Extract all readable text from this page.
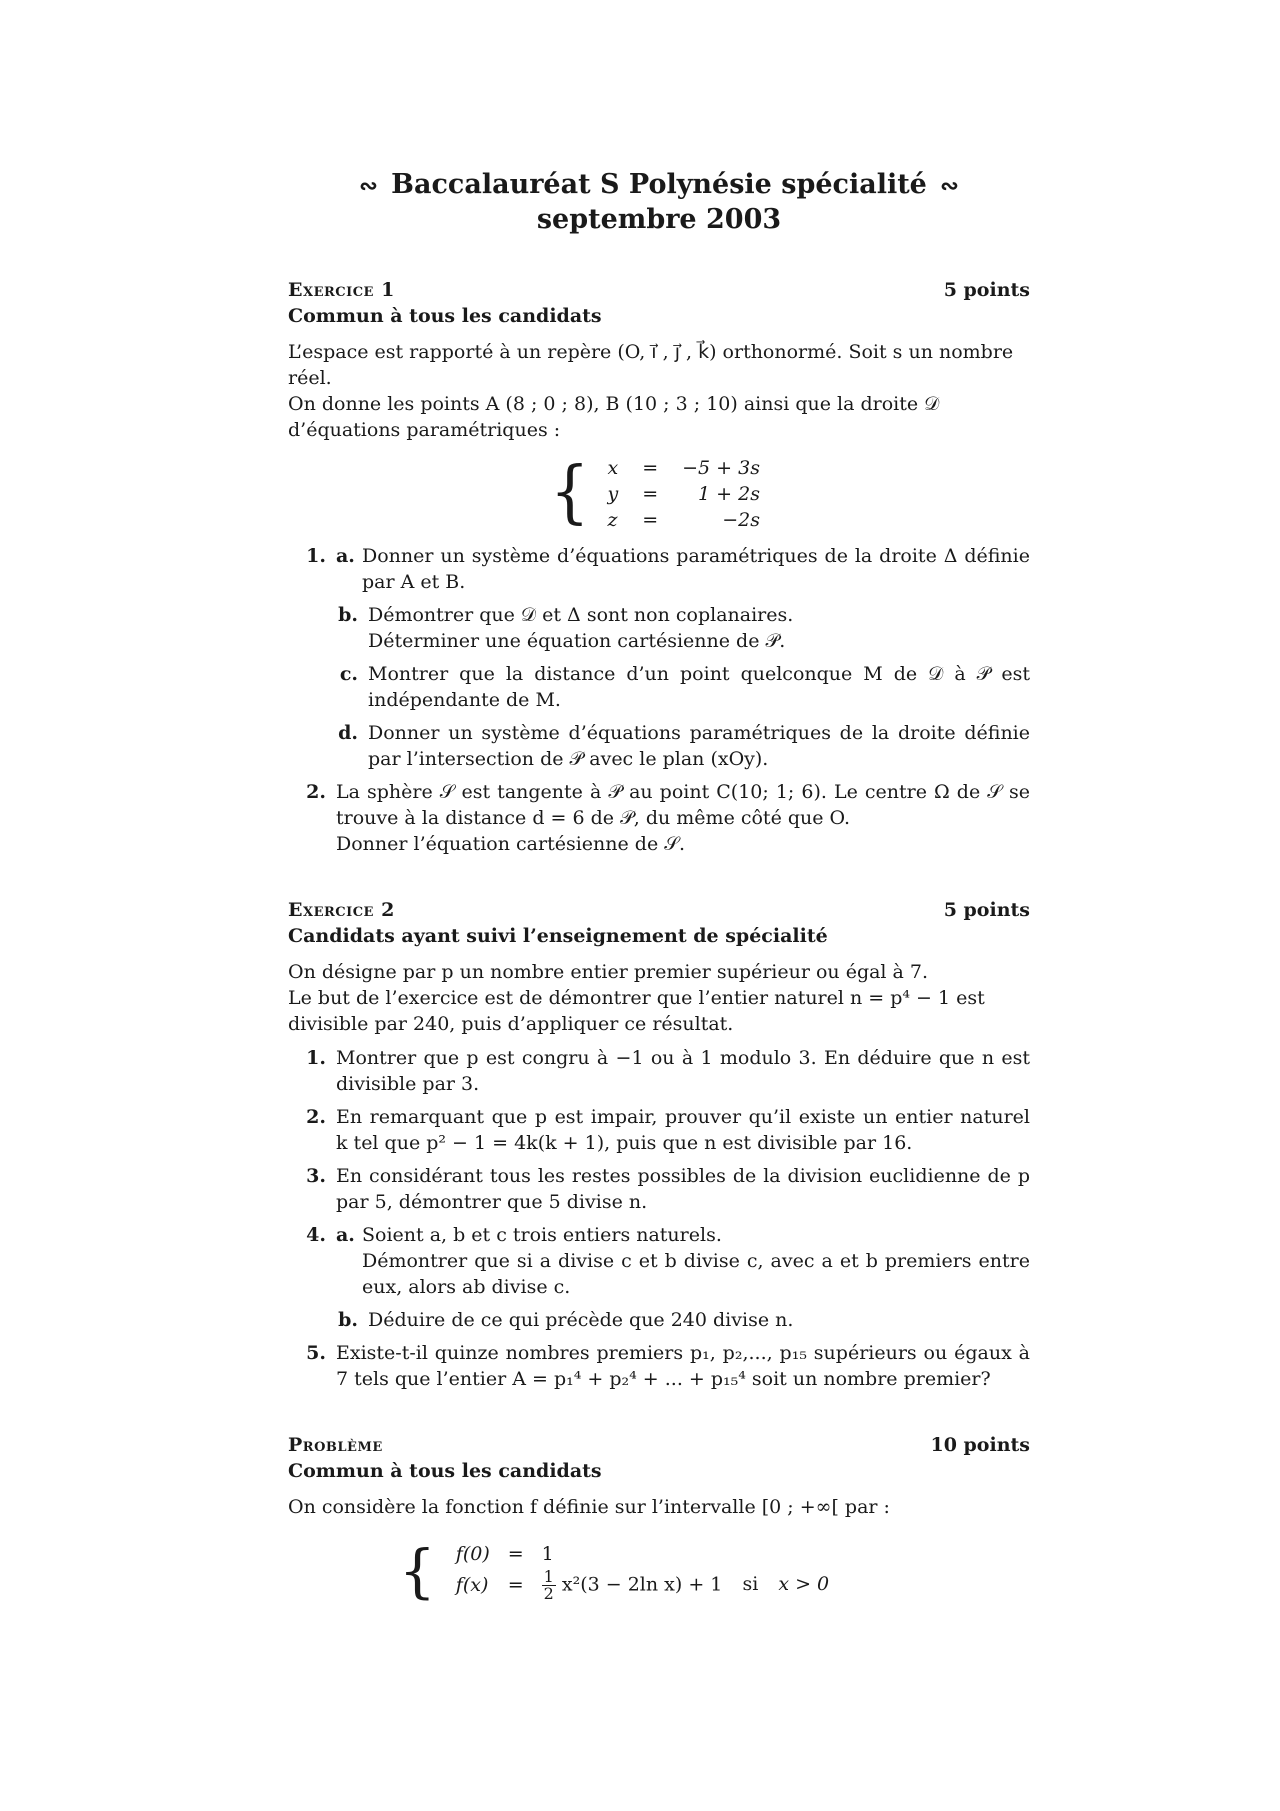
∾ Baccalauréat S Polynésie spécialité ∾
septembre 2003
Exercice 1	5 points
Commun à tous les candidats

L’espace est rapporté à un repère (O, i⃗ , j⃗ , k⃗) orthonormé. Soit s un nombre réel.

On donne les points A (8 ; 0 ; 8), B (10 ; 3 ; 10) ainsi que la droite 𝒟 d’équations paramétriques :

{ x	=	−5 + 3s
y	=	1 + 2s
z	=	−2s
1. a. Donner un système d’équations paramétriques de la droite Δ définie par A et B.
b. Démontrer que 𝒟 et Δ sont non coplanaires.
Déterminer une équation cartésienne de 𝒫.
c. Montrer que la distance d’un point quelconque M de 𝒟 à 𝒫 est indépendante de M.
d. Donner un système d’équations paramétriques de la droite définie par l’intersection de 𝒫 avec le plan (xOy).
2. La sphère 𝒮 est tangente à 𝒫 au point C(10; 1; 6). Le centre Ω de 𝒮 se trouve à la distance d = 6 de 𝒫, du même côté que O.
Donner l’équation cartésienne de 𝒮.
Exercice 2	5 points
Candidats ayant suivi l’enseignement de spécialité

On désigne par p un nombre entier premier supérieur ou égal à 7.

Le but de l’exercice est de démontrer que l’entier naturel n = p⁴ − 1 est divisible par 240, puis d’appliquer ce résultat.

1. Montrer que p est congru à −1 ou à 1 modulo 3. En déduire que n est divisible par 3.
2. En remarquant que p est impair, prouver qu’il existe un entier naturel k tel que p² − 1 = 4k(k + 1), puis que n est divisible par 16.
3. En considérant tous les restes possibles de la division euclidienne de p par 5, démontrer que 5 divise n.
4. a. Soient a, b et c trois entiers naturels.
Démontrer que si a divise c et b divise c, avec a et b premiers entre eux, alors ab divise c.
b. Déduire de ce qui précède que 240 divise n.
5. Existe-t-il quinze nombres premiers p₁, p₂,..., p₁₅ supérieurs ou égaux à 7 tels que l’entier A = p₁⁴ + p₂⁴ + ... + p₁₅⁴ soit un nombre premier?
Problème	10 points
Commun à tous les candidats

On considère la fonction f définie sur l’intervalle [0 ; +∞[ par :

{ f(0)	=	1
f(x)	=	$\frac{1}{2} x^2(3 - 2\ln$ x) + 1 si x > 0
